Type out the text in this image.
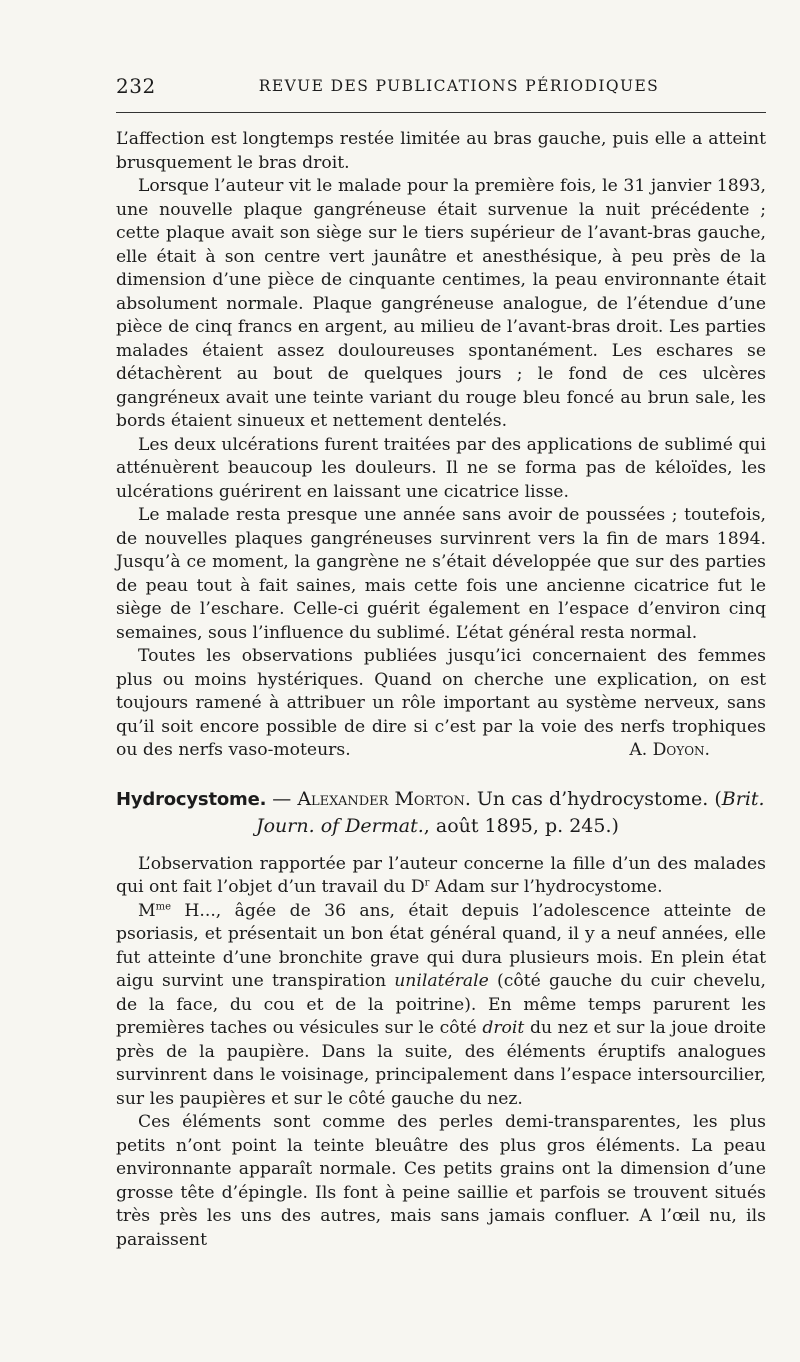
232	REVUE DES PUBLICATIONS PÉRIODIQUES

L’affection est longtemps restée limitée au bras gauche, puis elle a atteint brusquement le bras droit.

Lorsque l’auteur vit le malade pour la première fois, le 31 janvier 1893, une nouvelle plaque gangréneuse était survenue la nuit précédente ; cette plaque avait son siège sur le tiers supérieur de l’avant-bras gauche, elle était à son centre vert jaunâtre et anesthésique, à peu près de la dimension d’une pièce de cinquante centimes, la peau environnante était absolument normale. Plaque gangréneuse analogue, de l’étendue d’une pièce de cinq francs en argent, au milieu de l’avant-bras droit. Les parties malades étaient assez douloureuses spontanément. Les eschares se détachèrent au bout de quelques jours ; le fond de ces ulcères gangréneux avait une teinte variant du rouge bleu foncé au brun sale, les bords étaient sinueux et nettement dentelés.

Les deux ulcérations furent traitées par des applications de sublimé qui atténuèrent beaucoup les douleurs. Il ne se forma pas de kéloïdes, les ulcérations guérirent en laissant une cicatrice lisse.

Le malade resta presque une année sans avoir de poussées ; toutefois, de nouvelles plaques gangréneuses survinrent vers la fin de mars 1894. Jusqu’à ce moment, la gangrène ne s’était développée que sur des parties de peau tout à fait saines, mais cette fois une ancienne cicatrice fut le siège de l’eschare. Celle-ci guérit également en l’espace d’environ cinq semaines, sous l’influence du sublimé. L’état général resta normal.

Toutes les observations publiées jusqu’ici concernaient des femmes plus ou moins hystériques. Quand on cherche une explication, on est toujours ramené à attribuer un rôle important au système nerveux, sans qu’il soit encore possible de dire si c’est par la voie des nerfs trophiques ou des nerfs vaso-moteurs.	A. Doyon.

Hydrocystome. — Alexander Morton. Un cas d’hydrocystome. (Brit.
Journ. of Dermat., août 1895, p. 245.)

L’observation rapportée par l’auteur concerne la fille d’un des malades qui ont fait l’objet d’un travail du $D^r$ Adam sur l’hydrocystome.

$M^{me}$ H..., âgée de 36 ans, était depuis l’adolescence atteinte de psoriasis, et présentait un bon état général quand, il y a neuf années, elle fut atteinte d’une bronchite grave qui dura plusieurs mois. En plein état aigu survint une transpiration unilatérale (côté gauche du cuir chevelu, de la face, du cou et de la poitrine). En même temps parurent les premières taches ou vésicules sur le côté droit du nez et sur la joue droite près de la paupière. Dans la suite, des éléments éruptifs analogues survinrent dans le voisinage, principalement dans l’espace intersourcilier, sur les paupières et sur le côté gauche du nez.

Ces éléments sont comme des perles demi-transparentes, les plus petits n’ont point la teinte bleuâtre des plus gros éléments. La peau environnante apparaît normale. Ces petits grains ont la dimension d’une grosse tête d’épingle. Ils font à peine saillie et parfois se trouvent situés très près les uns des autres, mais sans jamais confluer. A l’œil nu, ils paraissent
